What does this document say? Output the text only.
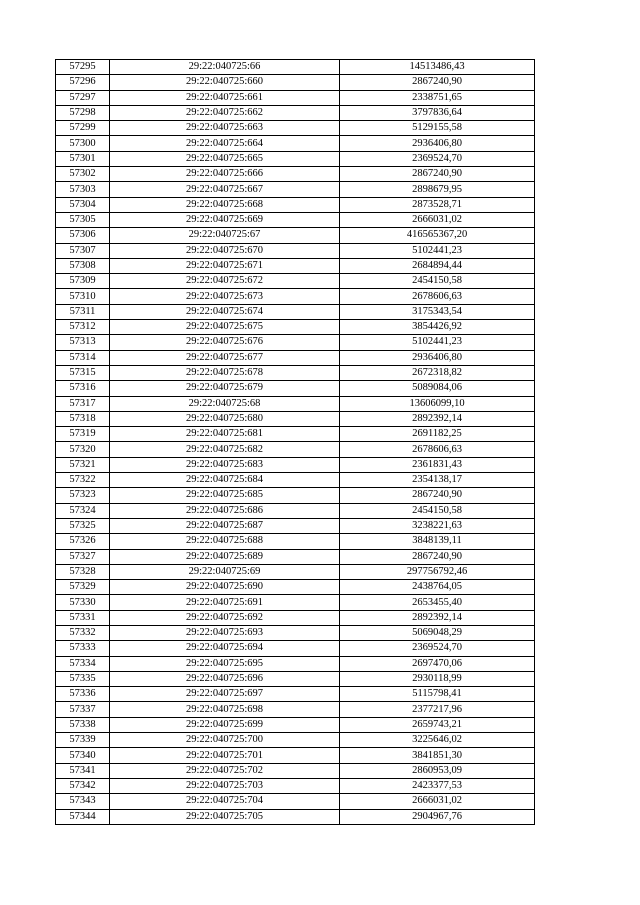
57295	29:22:040725:66	14513486,43
57296	29:22:040725:660	2867240,90
57297	29:22:040725:661	2338751,65
57298	29:22:040725:662	3797836,64
57299	29:22:040725:663	5129155,58
57300	29:22:040725:664	2936406,80
57301	29:22:040725:665	2369524,70
57302	29:22:040725:666	2867240,90
57303	29:22:040725:667	2898679,95
57304	29:22:040725:668	2873528,71
57305	29:22:040725:669	2666031,02
57306	29:22:040725:67	416565367,20
57307	29:22:040725:670	5102441,23
57308	29:22:040725:671	2684894,44
57309	29:22:040725:672	2454150,58
57310	29:22:040725:673	2678606,63
57311	29:22:040725:674	3175343,54
57312	29:22:040725:675	3854426,92
57313	29:22:040725:676	5102441,23
57314	29:22:040725:677	2936406,80
57315	29:22:040725:678	2672318,82
57316	29:22:040725:679	5089084,06
57317	29:22:040725:68	13606099,10
57318	29:22:040725:680	2892392,14
57319	29:22:040725:681	2691182,25
57320	29:22:040725:682	2678606,63
57321	29:22:040725:683	2361831,43
57322	29:22:040725:684	2354138,17
57323	29:22:040725:685	2867240,90
57324	29:22:040725:686	2454150,58
57325	29:22:040725:687	3238221,63
57326	29:22:040725:688	3848139,11
57327	29:22:040725:689	2867240,90
57328	29:22:040725:69	297756792,46
57329	29:22:040725:690	2438764,05
57330	29:22:040725:691	2653455,40
57331	29:22:040725:692	2892392,14
57332	29:22:040725:693	5069048,29
57333	29:22:040725:694	2369524,70
57334	29:22:040725:695	2697470,06
57335	29:22:040725:696	2930118,99
57336	29:22:040725:697	5115798,41
57337	29:22:040725:698	2377217,96
57338	29:22:040725:699	2659743,21
57339	29:22:040725:700	3225646,02
57340	29:22:040725:701	3841851,30
57341	29:22:040725:702	2860953,09
57342	29:22:040725:703	2423377,53
57343	29:22:040725:704	2666031,02
57344	29:22:040725:705	2904967,76
